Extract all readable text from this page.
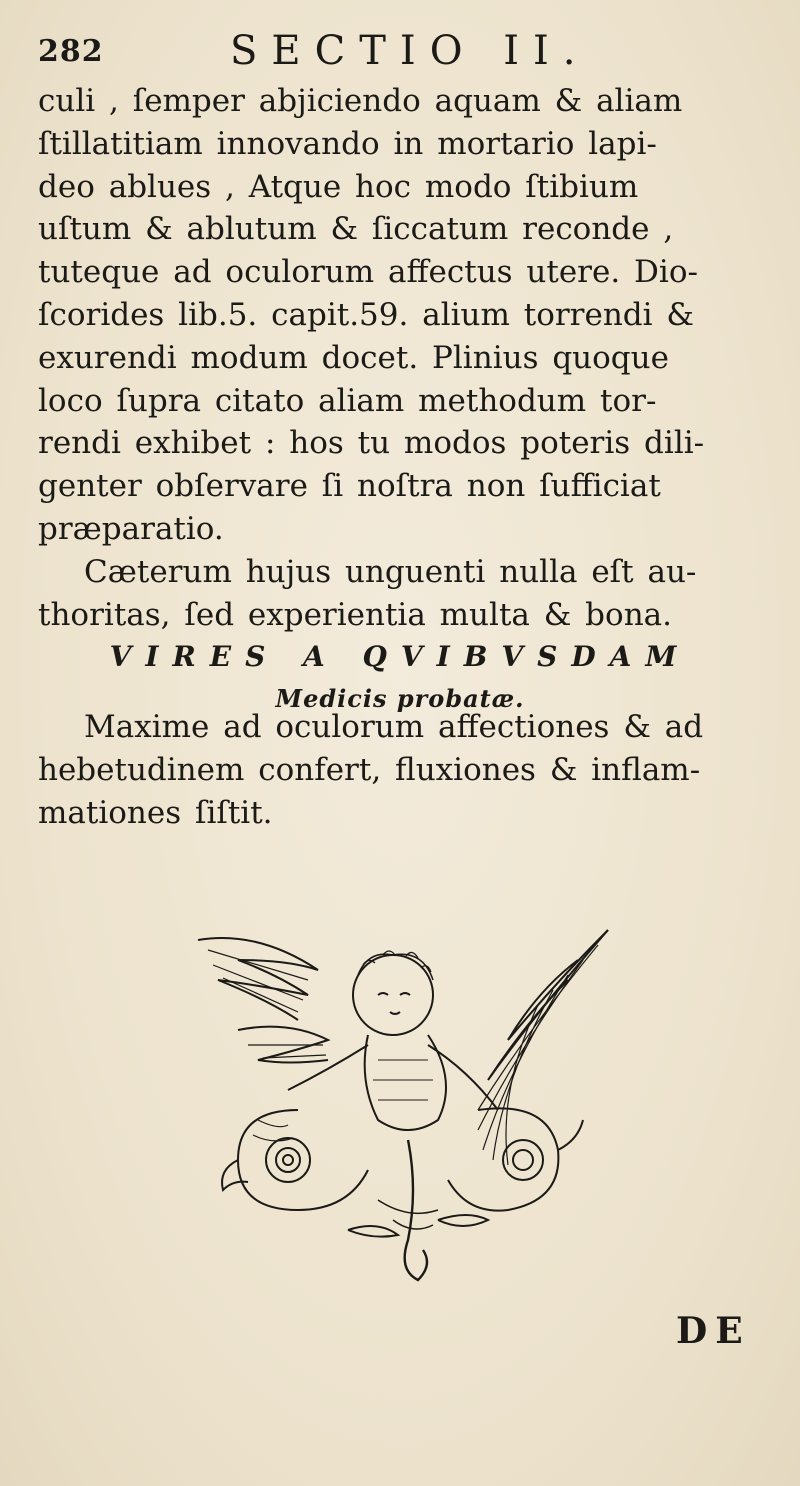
282	SECTIO II.
culi , ſemper abjiciendo aquam & aliam
ſtillatitiam innovando in mortario lapi-
deo ablues , Atque hoc modo ſtibium
uſtum & ablutum & ſiccatum reconde ,
tuteque ad oculorum affectus utere. Dio-
ſcorides lib.5. capit.59. alium torrendi &
exurendi modum docet. Plinius quoque
loco ſupra citato aliam methodum tor-
rendi exhibet : hos tu modos poteris dili-
genter obſervare ſi noſtra non ſufficiat
præparatio.
Cæterum hujus unguenti nulla eſt au-
thoritas, ſed experientia multa & bona.
VIRES A QVIBVSDAM
Medicis probatæ.
Maxime ad oculorum affectiones & ad
hebetudinem confert, fluxiones & inflam-
mationes ſiſtit.
DE
